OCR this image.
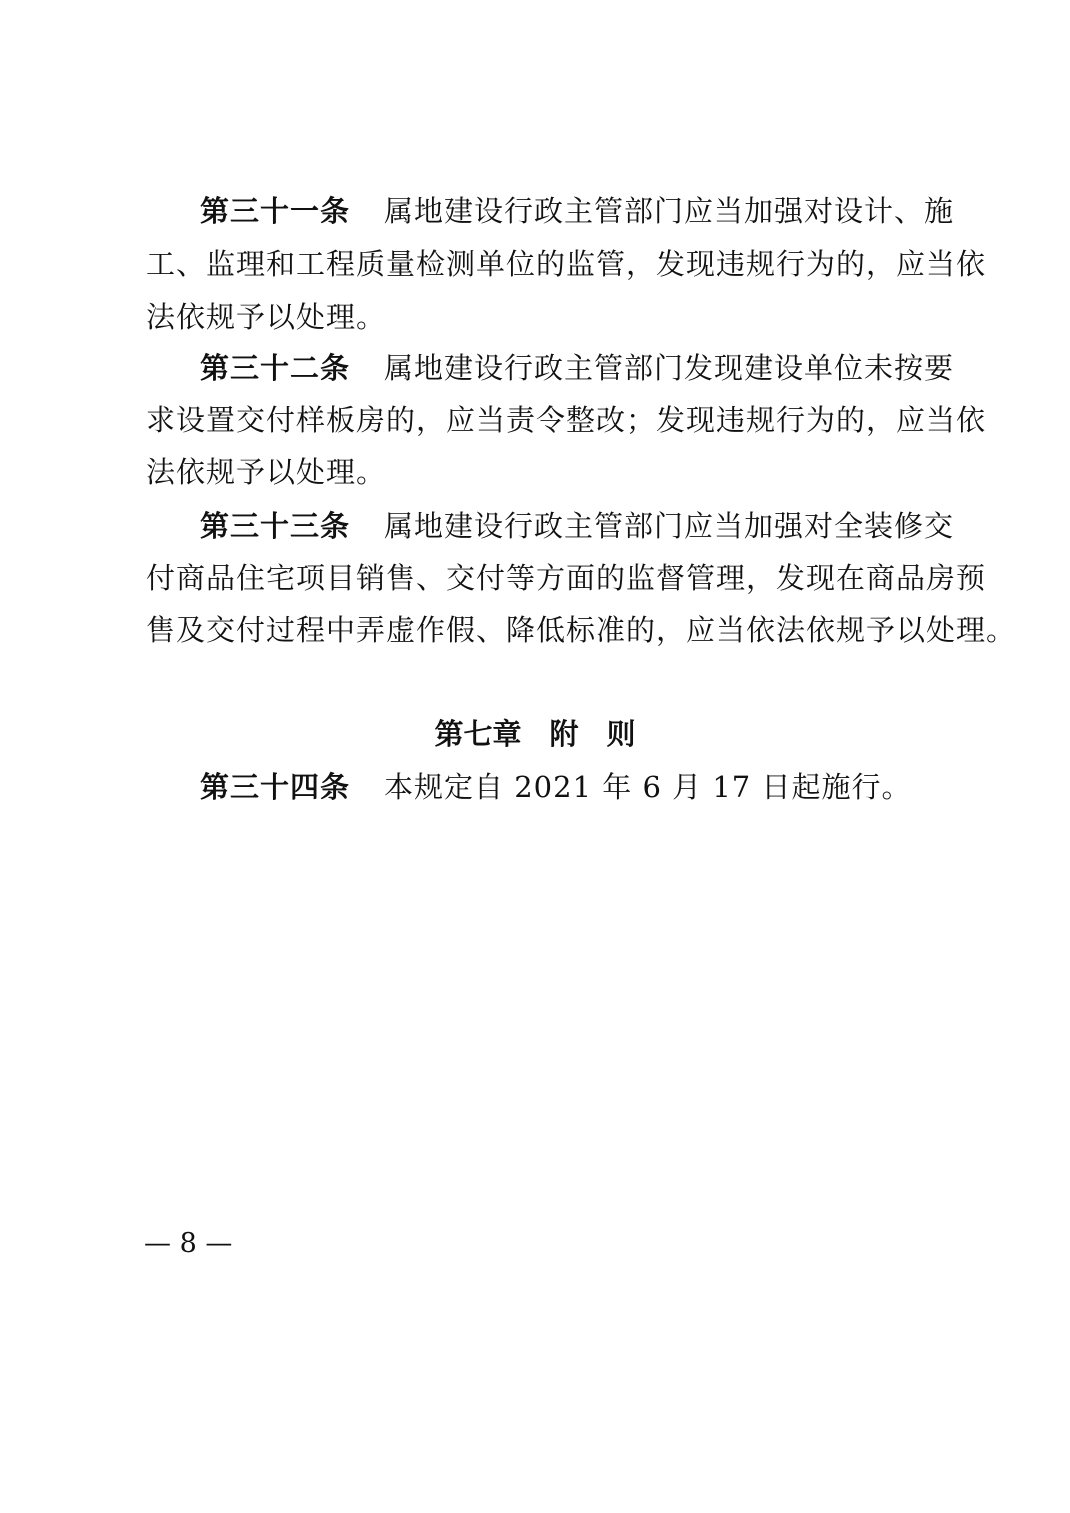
第三十一条 属地建设行政主管部门应当加强对设计、施
工、监理和工程质量检测单位的监管，发现违规行为的，应当依
法依规予以处理。
第三十二条 属地建设行政主管部门发现建设单位未按要
求设置交付样板房的，应当责令整改；发现违规行为的，应当依
法依规予以处理。
第三十三条 属地建设行政主管部门应当加强对全装修交
付商品住宅项目销售、交付等方面的监督管理，发现在商品房预
售及交付过程中弄虚作假、降低标准的，应当依法依规予以处理。
第七章 附 则
第三十四条 本规定自 2021 年 6 月 17 日起施行。
— 8 —
